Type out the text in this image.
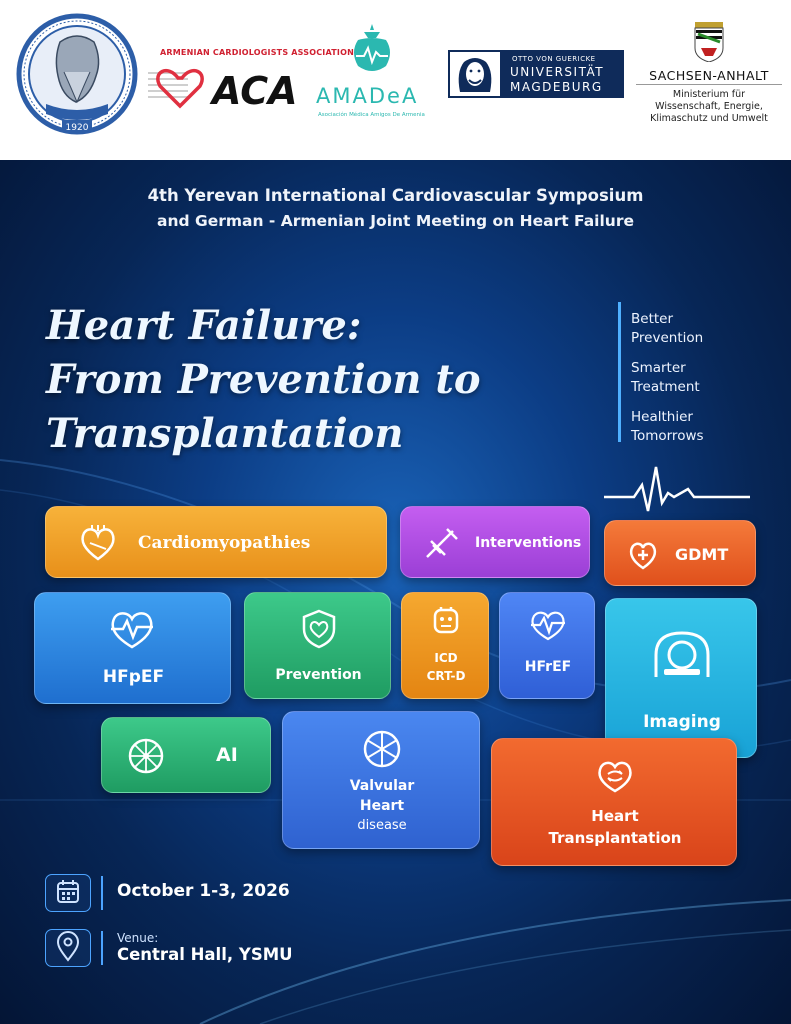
1920
ARMENIAN CARDIOLOGISTS ASSOCIATION
ACA AMADeA
Asociación Médica Amigos De Armenia
OTTO VON GUERICKE
UNIVERSITÄT
MAGDEBURG
SACHSEN-ANHALT
Ministerium für
Wissenschaft, Energie,
Klimaschutz und Umwelt
4th Yerevan International Cardiovascular Symposium
and German - Armenian Joint Meeting on Heart Failure
Heart Failure:
From Prevention to
Transplantation
Better
Prevention
Smarter
Treatment
Healthier
Tomorrows
Cardiomyopathies	Interventions
GDMT
HFpEF	Prevention
ICD
CRT-D
HFrEF
Imaging
AI
Valvular
Heart
disease
Heart
Transplantation
October 1-3, 2026
Venue:
Central Hall, YSMU
